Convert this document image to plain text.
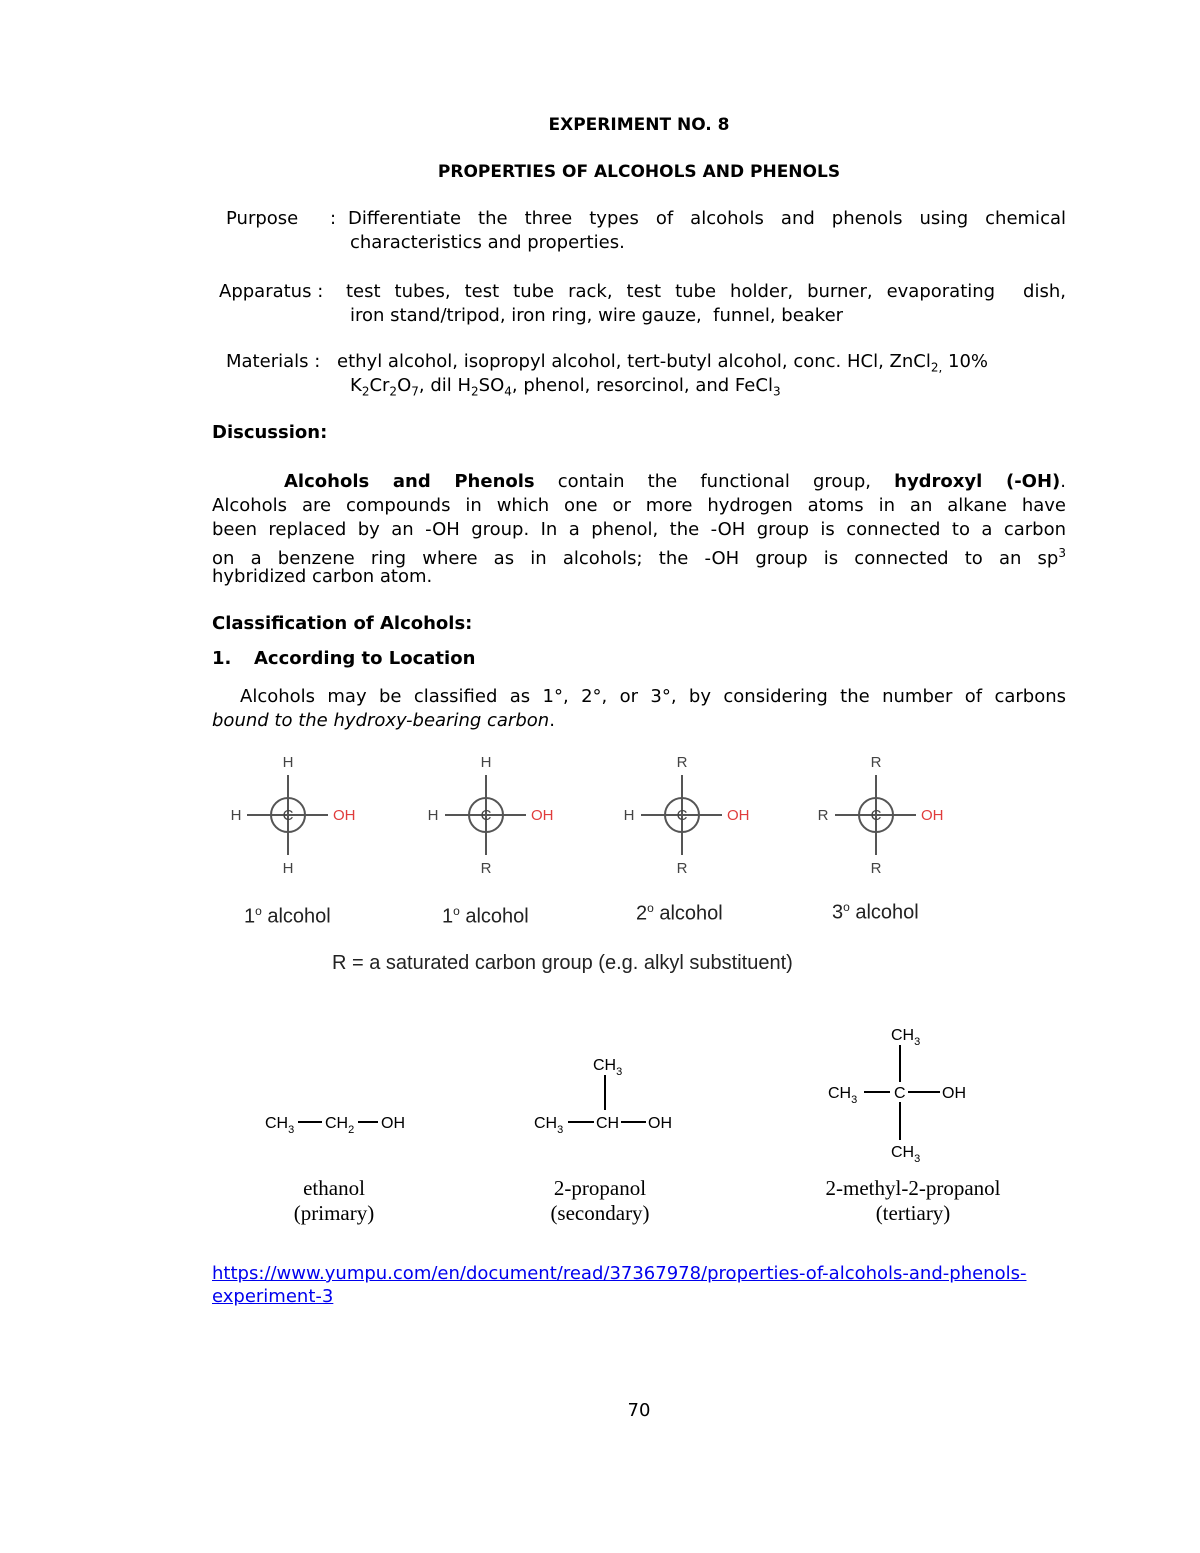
EXPERIMENT NO. 8
PROPERTIES OF ALCOHOLS AND PHENOLS
Purpose : Differentiate the three types of alcohols and phenols using chemical
characteristics and properties.
Apparatus : test tubes, test tube rack, test tube holder, burner, evaporating  dish,
iron stand/tripod, iron ring, wire gauze,  funnel, beaker
Materials : ethyl alcohol, isopropyl alcohol, tert-butyl alcohol, conc. HCl, ZnCl$_{2,}$ 10%
$K_2Cr_2O_7$, dil $H_2SO_4$, phenol, resorcinol, and FeCl$_3$
Discussion:
Alcohols and Phenols contain the functional group, hydroxyl (-OH).
Alcohols are compounds in which one or more hydrogen atoms in an alkane have
been replaced by an -OH group. In a phenol, the -OH group is connected to a carbon
on a benzene ring where as in alcohols; the -OH group is connected to an $sp^3$
hybridized carbon atom.
Classification of Alcohols:
1. According to Location
Alcohols may be classified as 1°, 2°, or 3°, by considering the number of carbons
bound to the hydroxy-bearing carbon.
H
H	C	OH
H
H
H	C	OH
R
R
H	C	OH
R
R
R	C	OH
R
1$^o$ alcohol	1$^o$ alcohol	2$^o$ alcohol	3$^o$ alcohol
R = a saturated carbon group (e.g. alkyl substituent)
$CH_3$ $CH_2$ OH
$CH_3$
$CH_3$ CH OH
$CH_3$
$CH_3$ C OH
$CH_3$
ethanol
(primary)
2-propanol
(secondary)
2-methyl-2-propanol
(tertiary)
https://www.yumpu.com/en/document/read/37367978/properties-of-alcohols-and-phenols-
experiment-3
70
